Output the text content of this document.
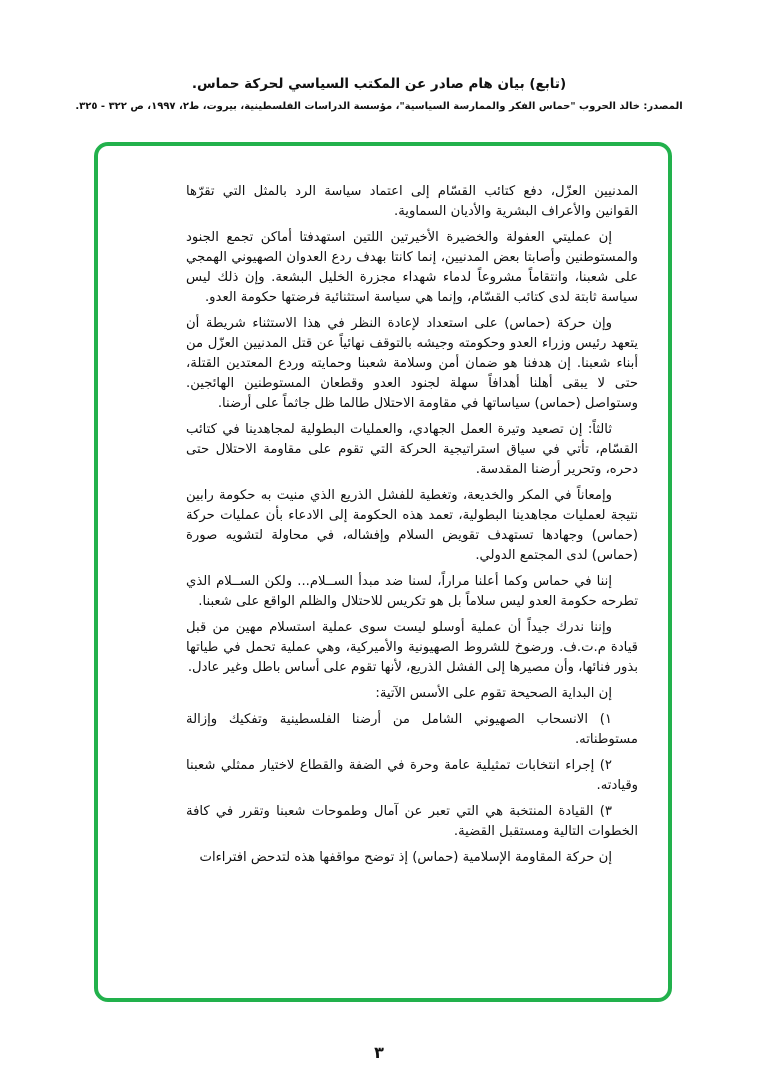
(تابع) بيان هام صادر عن المكتب السياسي لحركة حماس.
المصدر: خالد الحروب "حماس الفكر والممارسة السياسية"، مؤسسة الدراسات الفلسطينية، بيروت، ط٢، ١٩٩٧، ص ٣٢٢ - ٣٢٥.

المدنيين العزّل، دفع كتائب القسّام إلى اعتماد سياسة الرد بالمثل التي تقرّها القوانين والأعراف البشرية والأديان السماوية.

إن عمليتي العفولة والخضيرة الأخيرتين اللتين استهدفتا أماكن تجمع الجنود والمستوطنين وأصابتا بعض المدنيين، إنما كانتا بهدف ردع العدوان الصهيوني الهمجي على شعبنا، وانتقاماً مشروعاً لدماء شهداء مجزرة الخليل البشعة. وإن ذلك ليس سياسة ثابتة لدى كتائب القسّام، وإنما هي سياسة استثنائية فرضتها حكومة العدو.

وإن حركة (حماس) على استعداد لإعادة النظر في هذا الاستثناء شريطة أن يتعهد رئيس وزراء العدو وحكومته وجيشه بالتوقف نهائياً عن قتل المدنيين العزّل من أبناء شعبنا. إن هدفنا هو ضمان أمن وسلامة شعبنا وحمايته وردع المعتدين القتلة، حتى لا يبقى أهلنا أهدافاً سهلة لجنود العدو وقطعان المستوطنين الهائجين. وستواصل (حماس) سياساتها في مقاومة الاحتلال طالما ظل جاثماً على أرضنا.

ثالثاً: إن تصعيد وتيرة العمل الجهادي، والعمليات البطولية لمجاهدينا في كتائب القسّام، تأتي في سياق استراتيجية الحركة التي تقوم على مقاومة الاحتلال حتى دحره، وتحرير أرضنا المقدسة.

وإمعاناً في المكر والخديعة، وتغطية للفشل الذريع الذي منيت به حكومة رابين نتيجة لعمليات مجاهدينا البطولية، تعمد هذه الحكومة إلى الادعاء بأن عمليات حركة (حماس) وجهادها تستهدف تقويض السلام وإفشاله، في محاولة لتشويه صورة (حماس) لدى المجتمع الدولي.

إننا في حماس وكما أعلنا مراراً، لسنا ضد مبدأ الســلام... ولكن الســلام الذي تطرحه حكومة العدو ليس سلاماً بل هو تكريس للاحتلال والظلم الواقع على شعبنا.

وإننا ندرك جيداً أن عملية أوسلو ليست سوى عملية استسلام مهين من قبل قيادة م.ت.ف. ورضوخ للشروط الصهيونية والأميركية، وهي عملية تحمل في طياتها بذور فنائها، وأن مصيرها إلى الفشل الذريع، لأنها تقوم على أساس باطل وغير عادل.

إن البداية الصحيحة تقوم على الأسس الآتية:

١) الانسحاب الصهيوني الشامل من أرضنا الفلسطينية وتفكيك وإزالة مستوطناته.

٢) إجراء انتخابات تمثيلية عامة وحرة في الضفة والقطاع لاختيار ممثلي شعبنا وقيادته.

٣) القيادة المنتخبة هي التي تعبر عن آمال وطموحات شعبنا وتقرر في كافة الخطوات التالية ومستقبل القضية.

إن حركة المقاومة الإسلامية (حماس) إذ توضح مواقفها هذه لتدحض افتراءات

٣
